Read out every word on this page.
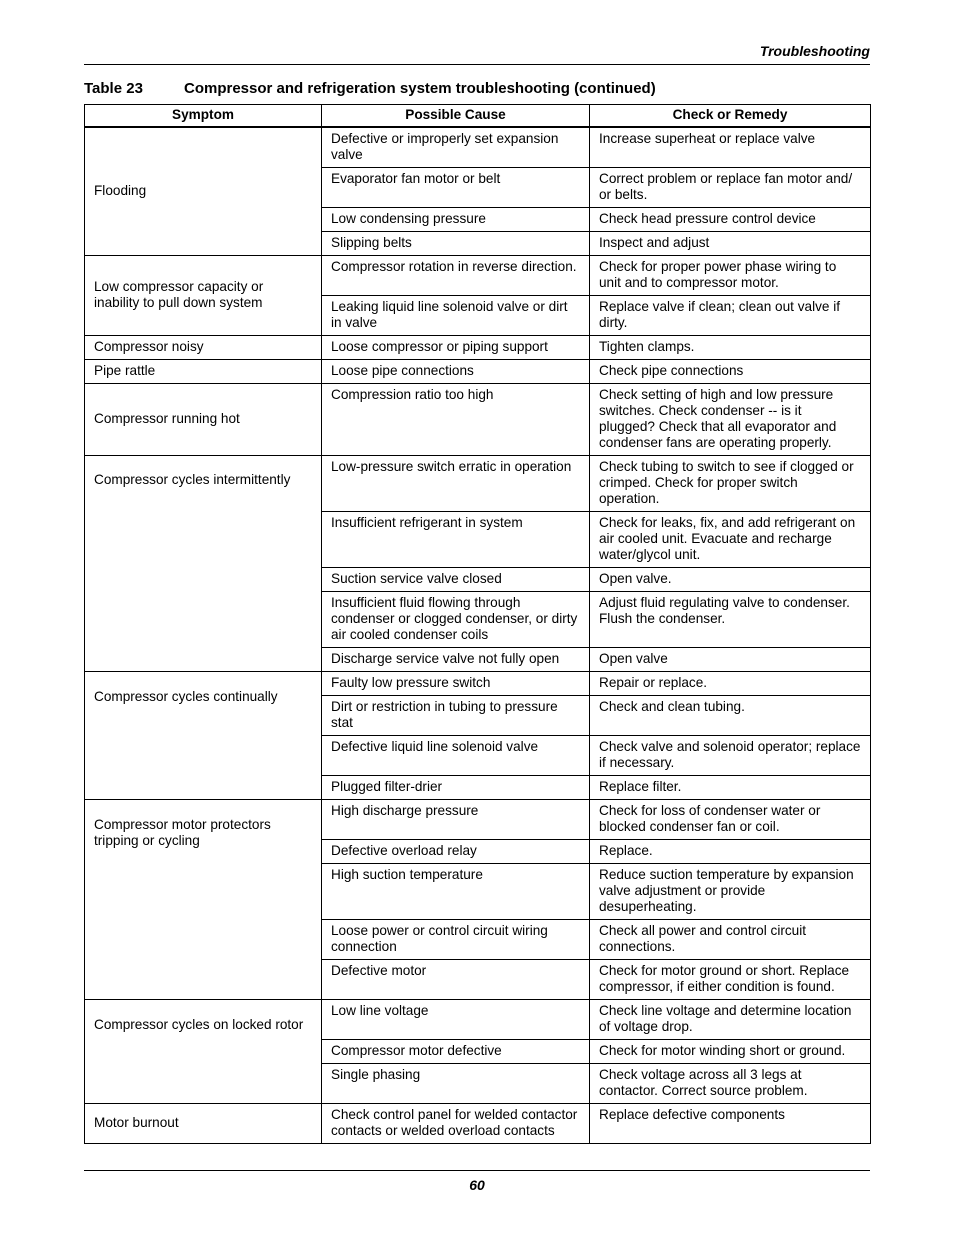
Troubleshooting
Table 23	Compressor and refrigeration system troubleshooting (continued)
Symptom	Possible Cause	Check or Remedy
Flooding	Defective or improperly set expansion valve	Increase superheat or replace valve
	Evaporator fan motor or belt	Correct problem or replace fan motor and/ or belts.
	Low condensing pressure	Check head pressure control device
	Slipping belts	Inspect and adjust
Low compressor capacity or inability to pull down system	Compressor rotation in reverse direction.	Check for proper power phase wiring to unit and to compressor motor.
	Leaking liquid line solenoid valve or dirt in valve	Replace valve if clean; clean out valve if dirty.
Compressor noisy	Loose compressor or piping support	Tighten clamps.
Pipe rattle	Loose pipe connections	Check pipe connections
Compressor running hot	Compression ratio too high	Check setting of high and low pressure switches. Check condenser -- is it plugged? Check that all evaporator and condenser fans are operating properly.
Compressor cycles intermittently	Low-pressure switch erratic in operation	Check tubing to switch to see if clogged or crimped. Check for proper switch operation.
	Insufficient refrigerant in system	Check for leaks, fix, and add refrigerant on air cooled unit. Evacuate and recharge water/glycol unit.
	Suction service valve closed	Open valve.
	Insufficient fluid flowing through condenser or clogged condenser, or dirty air cooled condenser coils	Adjust fluid regulating valve to condenser. Flush the condenser.
	Discharge service valve not fully open	Open valve
Compressor cycles continually	Faulty low pressure switch	Repair or replace.
	Dirt or restriction in tubing to pressure stat	Check and clean tubing.
	Defective liquid line solenoid valve	Check valve and solenoid operator; replace if necessary.
	Plugged filter-drier	Replace filter.
Compressor motor protectors tripping or cycling	High discharge pressure	Check for loss of condenser water or blocked condenser fan or coil.
	Defective overload relay	Replace.
	High suction temperature	Reduce suction temperature by expansion valve adjustment or provide desuperheating.
	Loose power or control circuit wiring connection	Check all power and control circuit connections.
	Defective motor	Check for motor ground or short. Replace compressor, if either condition is found.
Compressor cycles on locked rotor	Low line voltage	Check line voltage and determine location of voltage drop.
	Compressor motor defective	Check for motor winding short or ground.
	Single phasing	Check voltage across all 3 legs at contactor. Correct source problem.
Motor burnout	Check control panel for welded contactor contacts or welded overload contacts	Replace defective components
60
